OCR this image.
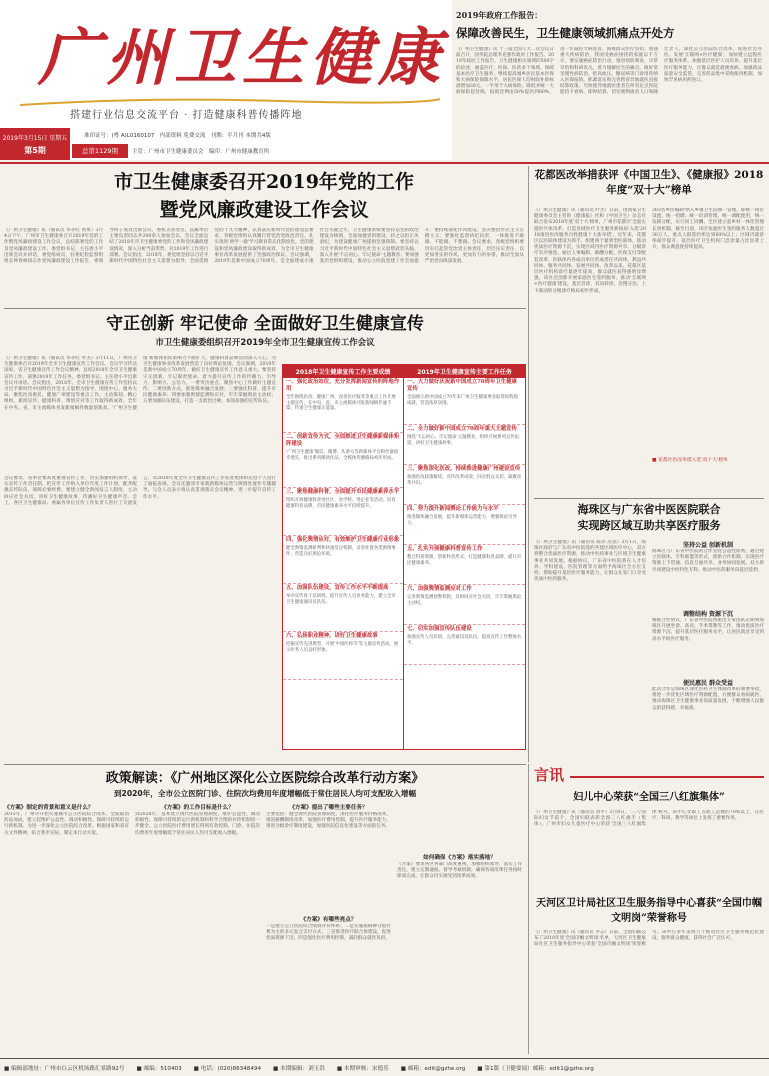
广州卫生健康
搭建行业信息交流平台 · 打造健康科普传播阵地
2019年3月15日 星期五
第5期	总第1129期
准印证号：(粤 A)L0160107 内部资料 免费交流 刊期：半月刊 本期共4版
主管：广州市卫生健康委员会 编印：广州市健康教育所
2019年政府工作报告：
保障改善民生，卫生健康领域抓痛点开处方
《广州卫生健康》讯 十三届全国人大二次会议日前召开，国务院总理李克强作政府工作报告。2019年政府工作报告，卫生健康相关领域的500字的论述，涵盖医疗、医保、医药多个领域。保障基本医疗卫生服务，继续提高城乡居民基本医保和大病保险保障水平，居民医保人均财政补助标准增加30元，一半用于大病保险。降低并统一大病保险起付线，报销比例由50%提高到60%，进一步减轻大病患者、困难群众医疗负担。加强重大疾病防治，我国受癌症困扰的家庭以千万计，要实施癌症防治行动，推进预防筛查、早诊早治和科研攻关，着力缓解民生的痛点。做好常见慢性病防治，把高血压、糖尿病等门诊用药纳入医保报销。抓紧落实和完善跨省异地就医直接结算政策，尽快使异地就医患者在所有定点医院能持卡看病、即时结算，切实便利流动人口和随迁老人。深化公立医院综合改革，促进社会办医。发展'互联网+医疗健康'，加快建立远程医疗服务体系，加强基层医护人员培养。提升基层医疗服务能力，让群众就近就便看病。加强药品质量安全监管，完善药品集中采购使用机制，加快罕见病用药进口。
市卫生健康委召开2019年党的工作
暨党风廉政建设工作会议
《广州卫生健康》讯（通讯员 李永红 黄勇）3月4日下午，广州市卫生健康委召开2019年党的工作暨党风廉政建设工作会议，总结部署党的工作及党风廉政建设工作。委党组书记、主任唐小平出席会议并讲话，委党组成员、驻委纪检监察组组长钟春林同志作党风廉政建设工作报告，委领导班子成员出席会议，委机关各处室、直属单位主要负责同志共200余人参加会议。会议全面总结了2018年市卫生健康委党的工作和党风廉政建设情况，深入分析当前形势，对2019年工作进行部署。会议指出，2018年，委党组坚持以习近平新时代中国特色社会主义思想为指导，全面贯彻党的十九大精神，认真落实新时代党的建设总要求，各级党组织认真履行管党治党政治责任，扎实推进'两学一做'学习教育常态化制度化，党的建设和党风廉政建设取得新成效，为全市卫生健康事业改革发展提供了坚强政治保证。会议强调，2019年是新中国成立70周年，是全面建成小康社会关键之年，卫生健康系统要坚持以党的政治建设为统领，全面加强党的建设，持之以恒正风肃纪，为建设健康广州提供坚强保障。要坚持以习近平新时代中国特色社会主义思想武装头脑，深入开展'不忘初心、牢记使命'主题教育；要加强基层党组织建设，推动公立医院党建工作全面提升；要持续深化作风建设，坚决整治形式主义官僚主义；要强化监督执纪问责，一体推进不敢腐、不能腐、不想腐。会议要求，各级党组织要切实扛起管党治党主体责任，层层压实责任，以更加务实的作风、更加有力的举措，推动全面从严治党向纵深发展。
花都医改举措获评《中国卫生》、《健康报》2018年度“双十大”榜单
《广州卫生健康》讯（通讯员 叶杰）日前，由国家卫生健康委员会主管的《健康报》社和《中国卫生》杂志社联合发布2018年度'双十大'榜单，广州市花都区'全面实施医共体改革，打造县域医疗卫生服务新格局'入选'2018推进医改服务百姓健康十大新举措'。近年来，花都区以医联体建设为抓手，组建两个紧密型医联体，推动优质医疗资源下沉，实现区域内医疗资源共享、分级诊疗有序推进。通过人事编制、薪酬分配、医保支付等配套改革，医联体内各成员单位形成责任共同体、利益共同体、服务共同体、发展共同体。改革以来，花都区基层医疗机构诊疗量逐年提高，群众就医获得感明显增强。该区还创新开展家庭医生签约服务，推动'互联网+医疗健康'建设，基层首诊、双向转诊、急慢分治、上下联动的分级诊疗格局初步形成。
303名乡医编制'纳入乡镇卫生院统一管理，即统一岗位设置、统一招聘、统一培训管理。统一调配使用，统一发薪分配，实行同工同酬，全区建立起乡村一体化管理长效机制。截至目前，该区家庭医生签约服务人数超过30万人，重点人群签约率达到60%以上；区域内就诊率稳步提升，基层医疗卫生机构门急诊量占比显著上升，群众满意度持续提高。
■ 花都区医改举措入选'双十大'榜单
守正创新 牢记使命 全面做好卫生健康宣传
市卫生健康委组织召开2019年全市卫生健康宣传工作会议
《广州卫生健康》讯（通讯员 李永红 叶杰）3月11日，广州市卫生健康委召开2019年全市卫生健康宣传工作会议。会议学习传达国家、省卫生健康宣传工作会议精神，总结2018年全市卫生健康宣传工作，部署2019年工作任务。委党组书记、主任唐小平出席会议并讲话。会议指出，2018年，全市卫生健康宣传工作坚持以习近平新时代中国特色社会主义思想为指导，围绕中心、服务大局，聚焦医改惠民、健康广州建设等重点工作，主动策划、精心组织，新闻宣传、健康科普、舆情应对等工作取得新成效。全年在中央、省、市主流媒体刊发新闻稿件数量创新高，'广州卫生健康'新媒体矩阵影响力不断扩大，健康科普品牌活动深入人心，为卫生健康事业改革发展营造了良好舆论氛围。会议强调，2019年是新中国成立70周年，做好卫生健康宣传工作意义重大。要坚持守正创新，牢记职责使命，着力提升宣传工作的传播力、引导力、影响力、公信力。一要突出重点，聚焦中心工作做好主题宣传；二要创新方式，推进媒体融合发展；三要强化科普，提升市民健康素养；四要加强舆情监测和应对，牢牢掌握舆论主动权；五要加强队伍建设，打造一支政治过硬、本领高强的宣传队伍。
会议要求，各单位要高度重视宣传工作，切实加强组织领导，落实宣传工作责任制，把宣传工作纳入单位年度工作计划，配齐配强宣传队伍，保障必要经费。要建立健全新闻发言人制度，主动回应社会关切，讲好卫生健康故事，传播好卫生健康声音。会上，各区卫生健康局、委属各单位宣传工作负责人进行了交流发言，对2018年度全市卫生健康宣传工作先进集体和先进个人进行了通报表扬。会议还邀请专家就新媒体运营与舆情处置作专题辅导，与会人员表示将认真贯彻落实会议精神，进一步提升宣传工作水平。
2018年卫生健康宣传工作主要成绩
一、强化政治站位，充分发挥新闻宣传的阵地作用
全年围绕医改、健康广州、改善医疗服务等重点工作开展主题宣传，在中央、省、市主流媒体刊发新闻稿件逾千篇，传递卫生健康正能量。
二、创新宣传方式，全面推进卫生健康新媒体矩阵建设
'广州卫生健康'微信、微博、头条号等新媒体平台粉丝量稳步增长，推出系列爆款作品，全媒体传播格局初步形成。
三、聚焦健康科普，全面提升市民健康素养水平
组织开展健康科普进社区、进学校、进企业等活动，培育健康科普品牌，市民健康素养水平持续提升。
四、强化舆情应对，有效维护卫生健康行业形象
健全舆情监测研判和快速反应机制，妥善处置各类舆情事件，营造良好舆论环境。
五、加强队伍建设，宣传工作水平不断提高
举办宣传骨干培训班，提升宣传人员业务能力，建立全市卫生健康通讯员队伍。
六、弘扬职业精神，讲好卫生健康故事
挖掘宣传先进典型，开展'中国医师节'等主题宣传活动，展示医务人员良好形象。
2019年卫生健康宣传主要工作任务
一、大力做好庆祝新中国成立70周年卫生健康宣传
全面展示新中国成立70年来广州卫生健康事业取得的辉煌成就，营造浓厚氛围。
二、全力做好新中国成立70周年重大主题宣传
围绕'不忘初心、牢记使命'主题教育，组织开展系列宣传报道，讲好卫生健康故事。
三、聚焦深化医改，持续推进健康广州建设宣传
加强医改政策解读，宣传改革成效，回应群众关切，凝聚改革共识。
四、努力提升新闻舆论工作能力与水平
推进媒体融合发展，提升新媒体运营能力，增强舆论引导力。
五、扎实开展健康科普宣传工作
整合科普资源，创新科普形式，打造健康科普品牌，提升市民健康素养。
六、加强舆情监测应对工作
完善舆情监测预警机制，及时回应社会关切，牢牢掌握舆论主动权。
七、切实加强宣传队伍建设
加强宣传人员培训，完善通讯员队伍，提高宣传工作整体水平。
海珠区与广东省中医医院联合
实现跨区域互助共享医疗服务
《广州卫生健康》讯（通讯员 陈伟 苏思）3月1日，海珠区政府与广东省中医院签约共建区域医疗中心，双方将整合优质医疗资源，推动中医药事业与区域卫生健康事业共同发展。根据协议，广东省中医院将在人才培养、学科建设、医院管理等方面给予海珠区全方位支持，帮助提升基层医疗服务能力，让群众在家门口享受优质中医药服务。
坚持公益 创新机制
海珠区与广东省中医院的合作坚持公益性原则，通过建立医联体、专科联盟等形式，创新合作机制，实现医疗资源上下贯通、信息互通共享、业务协同发展。双方将共同建设中医特色专科，推动中医药服务向基层延伸。
调整结构 资源下沉
根据合作协议，广东省中医院将派出专家团队定期到海珠区开展坐诊、查房、手术带教等工作，推动优质医疗资源下沉，提升基层医疗服务水平，让居民就近享受到高水平的医疗服务。
便民惠民 群众受益
此次合作是海珠区深化医药卫生体制改革的重要举措，将进一步优化区域医疗资源配置，方便群众看病就医，推动海珠区卫生健康事业高质量发展，不断增强人民群众的获得感、幸福感。
政策解读：《广州地区深化公立医院综合改革行动方案》
到2020年，全市公立医院门诊、住院次均费用年度增幅低于常住居民人均可支配收入增幅
《方案》制定的背景和意义是什么？
2015年，广州市开始实施城市公立医院综合改革，全面取消药品加成，建立起维护公益性、调动积极性、保障可持续的运行新机制。为进一步深化公立医院综合改革，根据国家和省有关文件精神，结合我市实际，制定本行动方案。
《方案》的工作目标是什么？
到2020年，基本建立现代医院管理制度，维护公益性、调动积极性、保障可持续的运行新机制和科学合理的补偿机制进一步健全。公立医院医疗费用增长得到有效控制，门诊、住院次均费用年度增幅低于常住居民人均可支配收入增幅。
《方案》提出了哪些主要任务？
主要包括：健全现代医院管理制度，深化医疗服务价格改革，推进薪酬制度改革，加强医疗费用控制，提升医疗服务能力，推进分级诊疗制度建设，加强医院信息化建设等方面的任务。
《方案》有哪些亮点？
一是建立公立医院综合绩效评价体系；二是实施按病种分值付费为主的多元复合支付方式；三是推进医疗联合体建设，促进优质资源下沉；四是强化医疗费用控制，减轻群众就医负担。
如何确保《方案》落实落地？
《方案》要求各区各部门高度重视，加强组织领导，落实工作责任，建立定期通报、督导考核机制，确保各项改革任务按时保质完成，让群众切实感受到改革成效。
言讯
妇儿中心荣获“全国三八红旗集体”
《广州卫生健康》讯（通讯员 黄平）3月8日，'三八'国际妇女节前夕，全国妇联表彰全国三八红旗手（集体），广州市妇女儿童医疗中心荣获'全国三八红旗集体'称号。该中心女职工占职工总数的70%以上，在医疗、科研、教学等岗位上发挥了重要作用。
天河区卫计局社区卫生服务指导中心喜获“全国巾帼文明岗”荣誉称号
《广州卫生健康》讯（通讯员 罗志）日前，全国妇联公布了2018年度'全国巾帼文明岗'名单，天河区卫生健康局社区卫生服务指导中心荣获'全国巾帼文明岗'荣誉称号。该中心多年来致力于推动社区卫生服务规范化建设，服务群众健康，获得社会广泛认可。
■ 编辑部地址：广州市白云区机场路汇景路92号 ■ 邮编：510403 ■ 电话：(020)86348494 ■ 本期编辑：刘玉洪 ■ 本期审核：宋德乐 ■ 邮箱：edit@gzhe.org ■ 第1版（卫健要闻）邮箱：edit1@gzhe.org
